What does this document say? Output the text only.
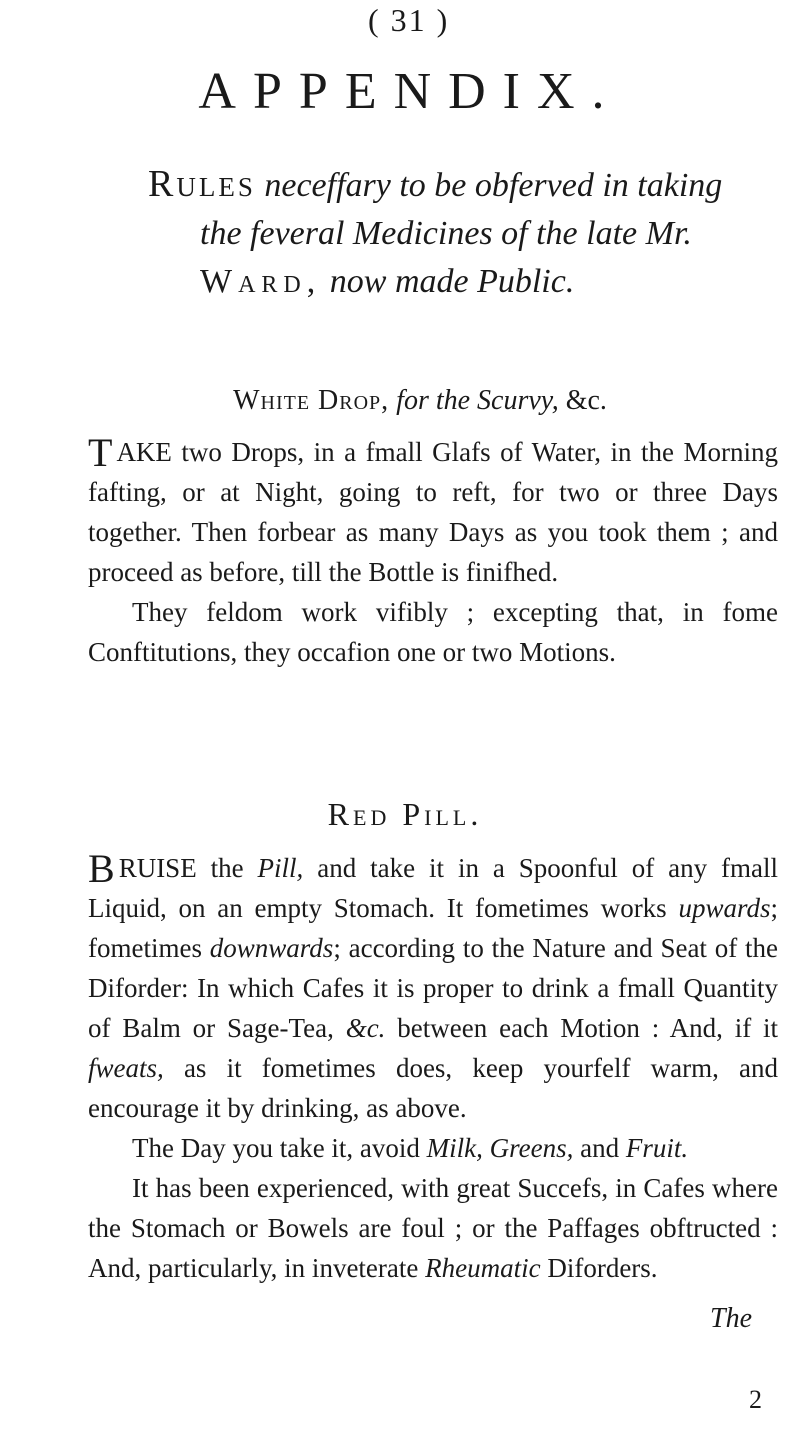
( 31 )
APPENDIX.
Rules neceffary to be obferved in taking
the feveral Medicines of the late Mr.
Ward, now made Public.
White Drop, for the Scurvy, &c.

T AKE two Drops, in a fmall Glafs of Water, in the Morning fafting, or at Night, going to reft, for two or three Days together. Then forbear as many Days as you took them ; and proceed as before, till the Bottle is finifhed.

They feldom work vifibly ; excepting that, in fome Conftitutions, they occafion one or two Motions.

Red Pill.

B RUISE the Pill, and take it in a Spoonful of any fmall Liquid, on an empty Stomach. It fometimes works upwards; fometimes downwards; according to the Nature and Seat of the Diforder: In which Cafes it is proper to drink a fmall Quantity of Balm or Sage-Tea, &c. between each Motion : And, if it fweats, as it fometimes does, keep yourfelf warm, and encourage it by drinking, as above.

The Day you take it, avoid Milk, Greens, and Fruit.

It has been experienced, with great Succefs, in Cafes where the Stomach or Bowels are foul ; or the Paffages obftructed : And, particularly, in inveterate Rheumatic Diforders.

The
2
